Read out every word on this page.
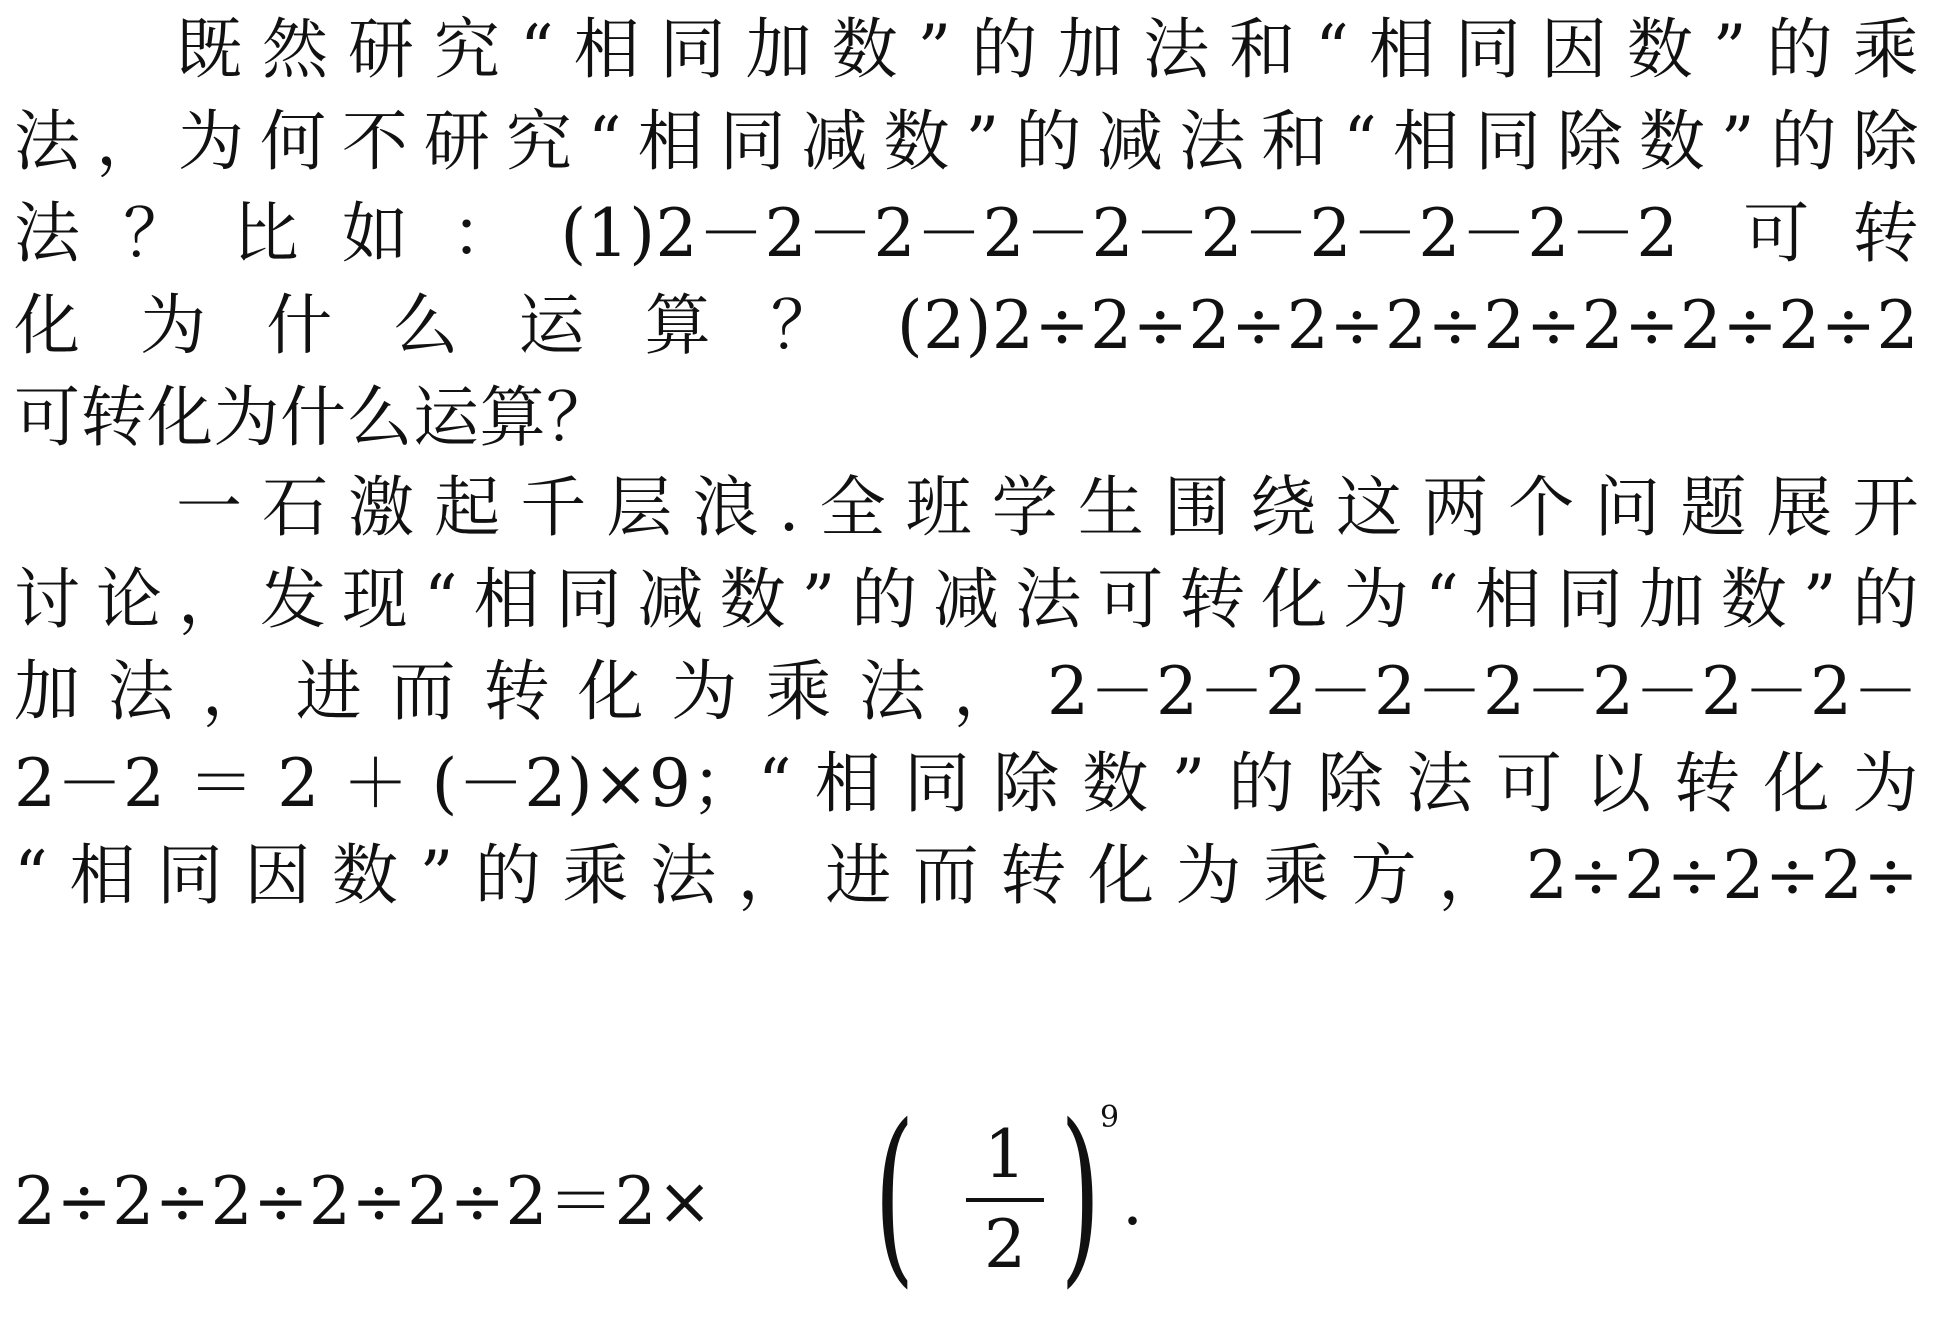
既然研究“相同加数”的加法和“相同因数”的乘
法，为何不研究“相同减数”的减法和“相同除数”的除
法？比如：(1)2－2－2－2－2－2－2－2－2－2 可转
化为什么运算？(2)2÷2÷2÷2÷2÷2÷2÷2÷2÷2
可转化为什么运算？
一石激起千层浪.全班学生围绕这两个问题展开
讨论，发现“相同减数”的减法可转化为“相同加数”的
加法，进而转化为乘法，2－2－2－2－2－2－2－2－
2－2＝2＋(－2)×9；“相同除数”的除法可以转化为
“相同因数”的乘法，进而转化为乘方，2÷2÷2÷2÷
2÷2÷2÷2÷2÷2＝2× ( 1
2 ) 9
.
